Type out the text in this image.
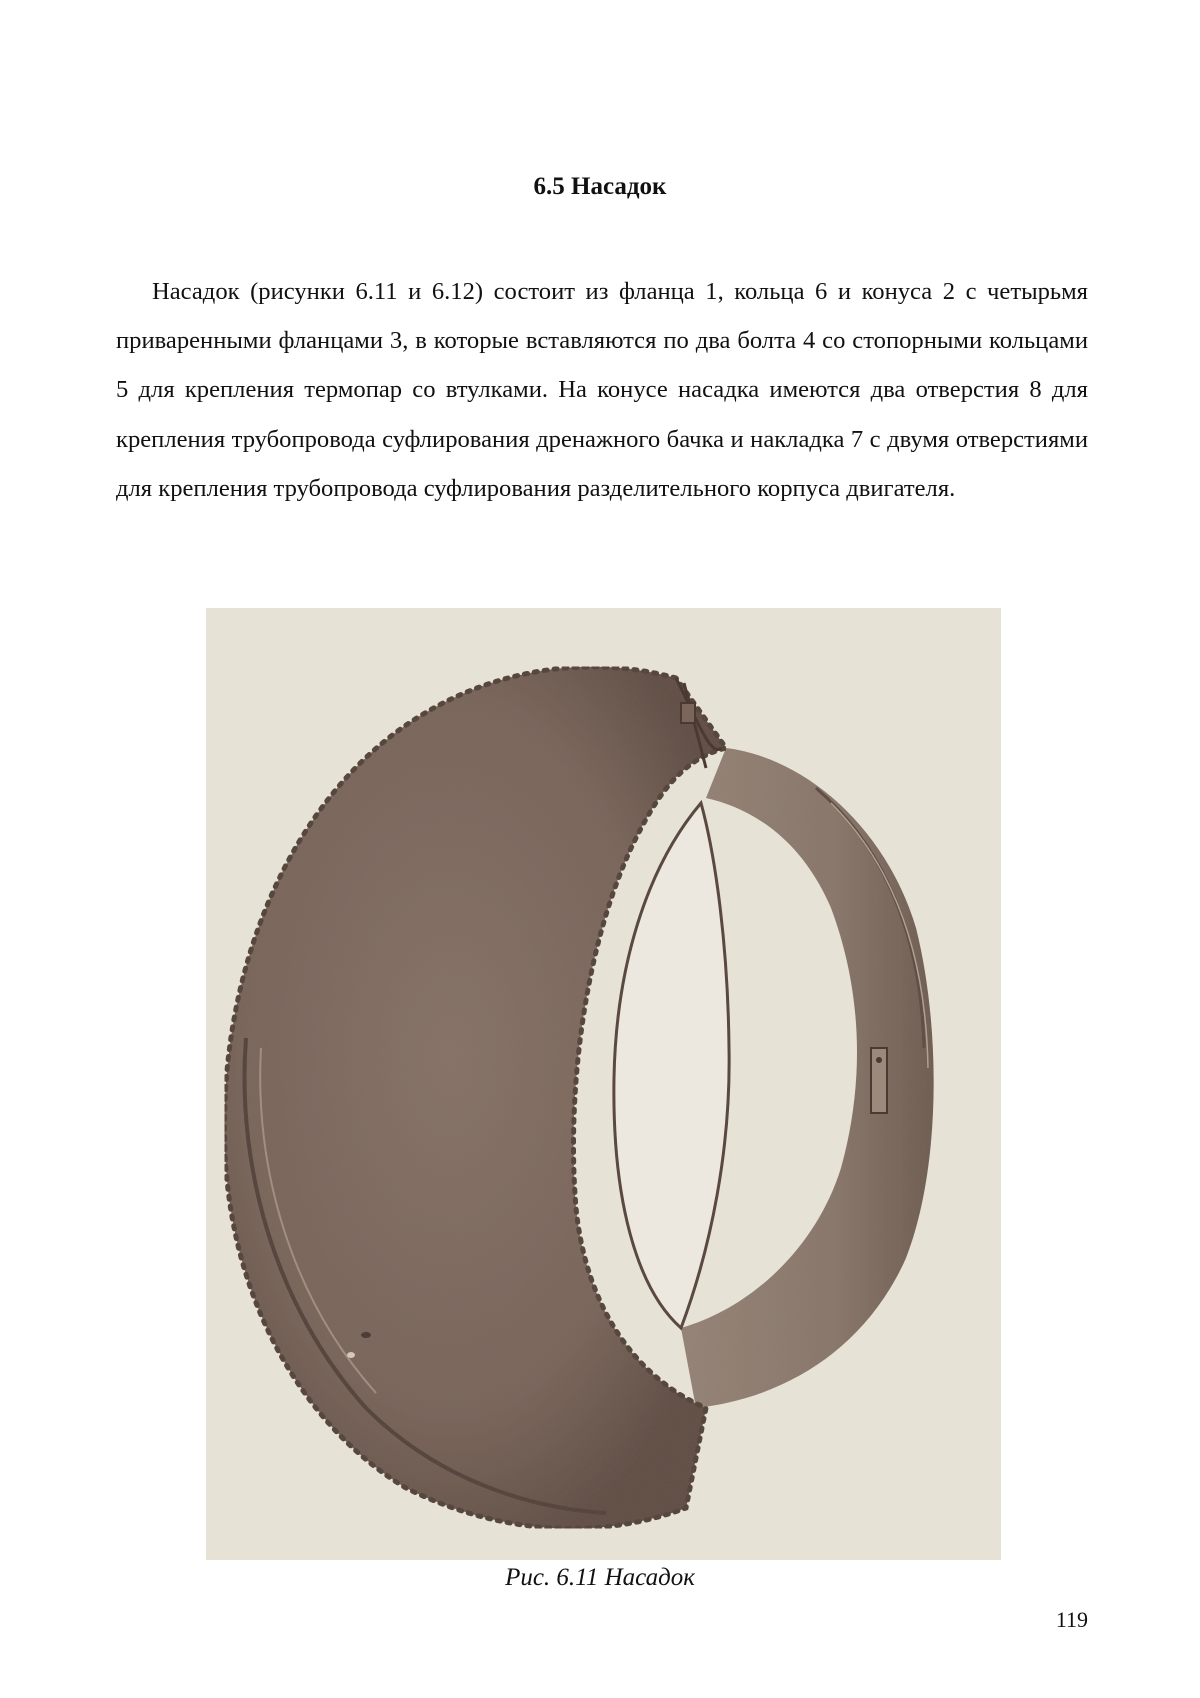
6.5 Насадок

Насадок (рисунки 6.11 и 6.12) состоит из фланца 1, кольца 6 и конуса 2 с четырьмя приваренными фланцами 3, в которые вставляются по два болта 4 со стопорными кольцами 5 для крепления термопар со втулками. На конусе насадка имеются два отверстия 8 для крепления трубопровода суфлирования дренажного бачка и накладка 7 с двумя отверстиями для крепления трубопровода суфлирования разделительного корпуса двигателя.

Рис. 6.11 Насадок
119
